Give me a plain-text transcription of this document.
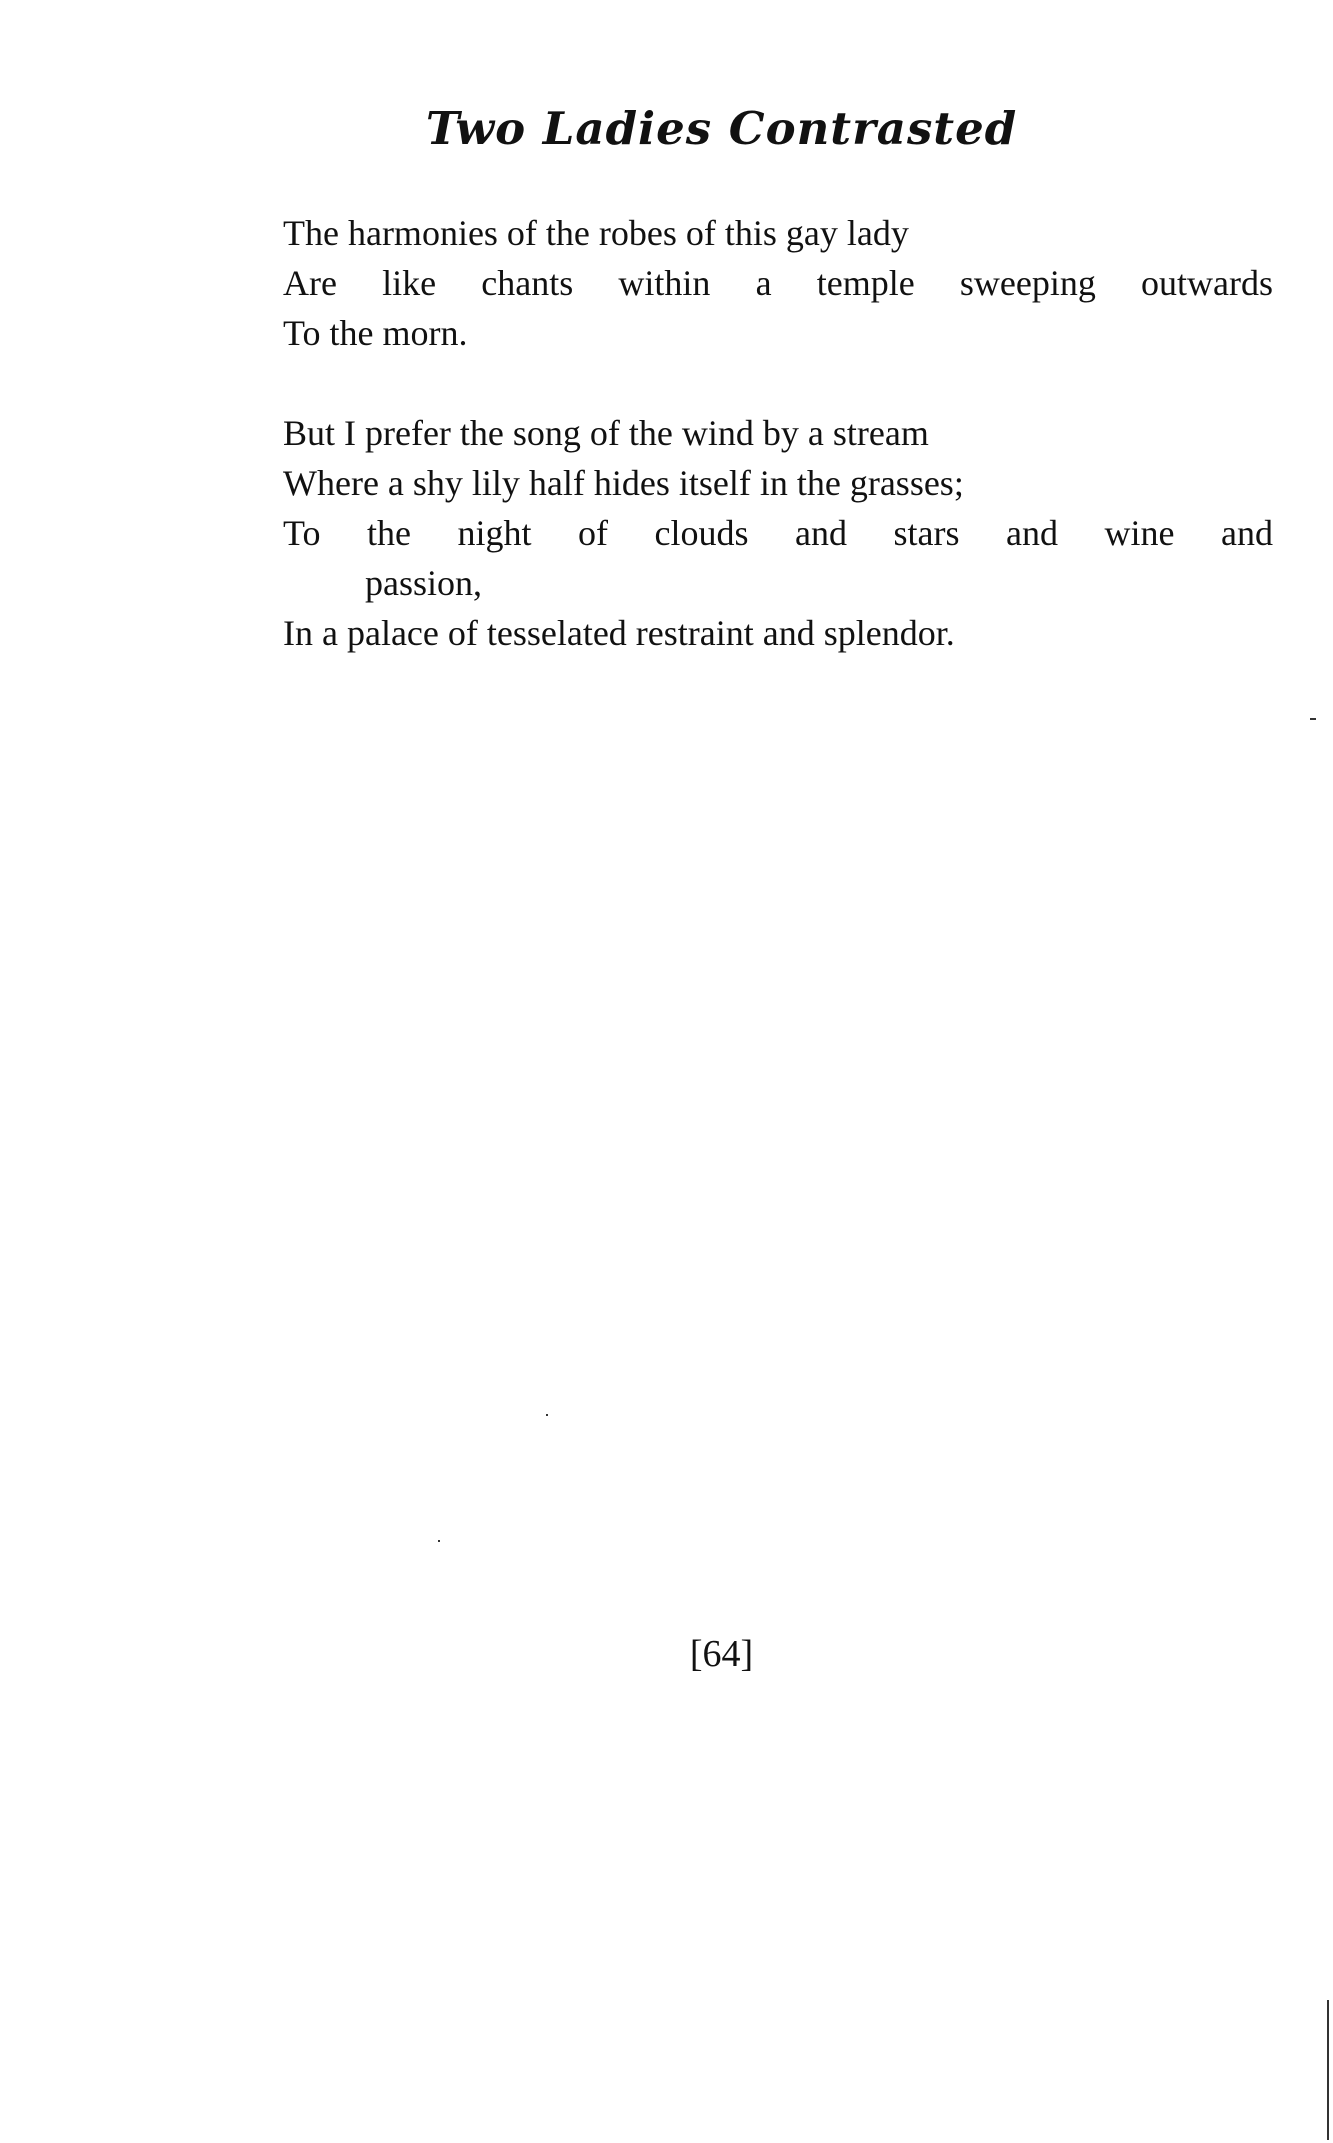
Two Ladies Contrasted
The harmonies of the robes of this gay lady
Are like chants within a temple sweeping outwards
To the morn.
But I prefer the song of the wind by a stream
Where a shy lily half hides itself in the grasses;
To the night of clouds and stars and wine and
passion,
In a palace of tesselated restraint and splendor.
[64]
